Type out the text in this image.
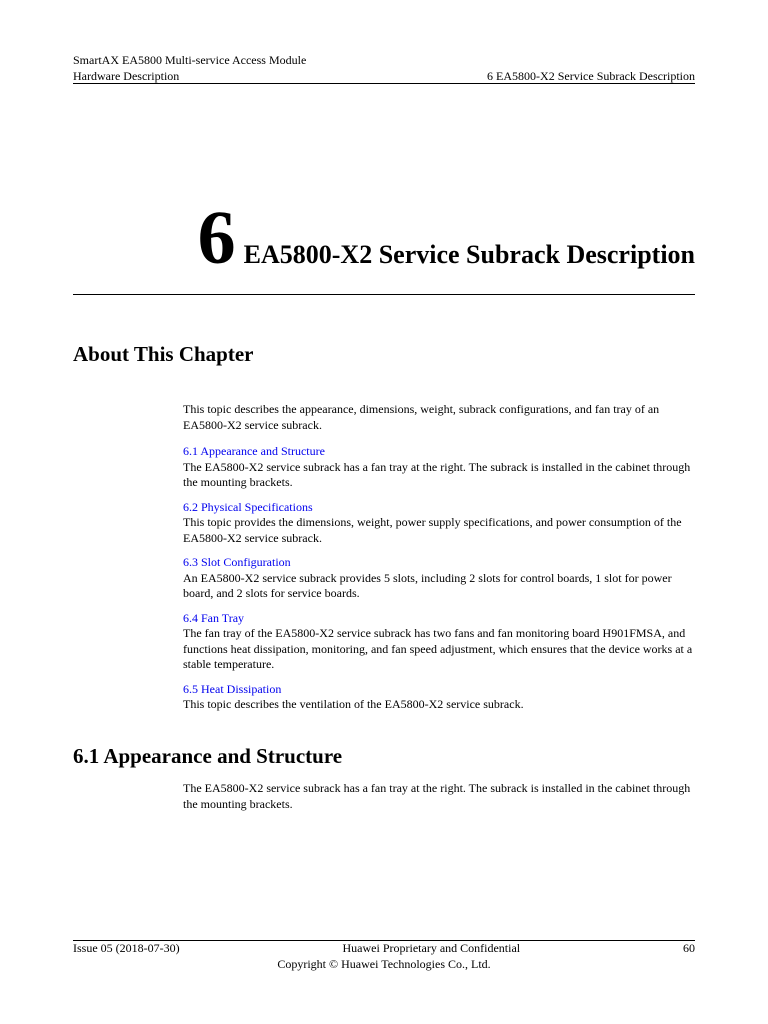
SmartAX EA5800 Multi-service Access Module
Hardware Description	6 EA5800-X2 Service Subrack Description
6 EA5800-X2 Service Subrack Description
About This Chapter

This topic describes the appearance, dimensions, weight, subrack configurations, and fan tray of an EA5800-X2 service subrack.

6.1 Appearance and Structure

The EA5800-X2 service subrack has a fan tray at the right. The subrack is installed in the cabinet through the mounting brackets.

6.2 Physical Specifications

This topic provides the dimensions, weight, power supply specifications, and power consumption of the EA5800-X2 service subrack.

6.3 Slot Configuration

An EA5800-X2 service subrack provides 5 slots, including 2 slots for control boards, 1 slot for power board, and 2 slots for service boards.

6.4 Fan Tray

The fan tray of the EA5800-X2 service subrack has two fans and fan monitoring board H901FMSA, and functions heat dissipation, monitoring, and fan speed adjustment, which ensures that the device works at a stable temperature.

6.5 Heat Dissipation

This topic describes the ventilation of the EA5800-X2 service subrack.

6.1 Appearance and Structure

The EA5800-X2 service subrack has a fan tray at the right. The subrack is installed in the cabinet through the mounting brackets.

Issue 05 (2018-07-30)	Huawei Proprietary and Confidential	60
Copyright © Huawei Technologies Co., Ltd.
